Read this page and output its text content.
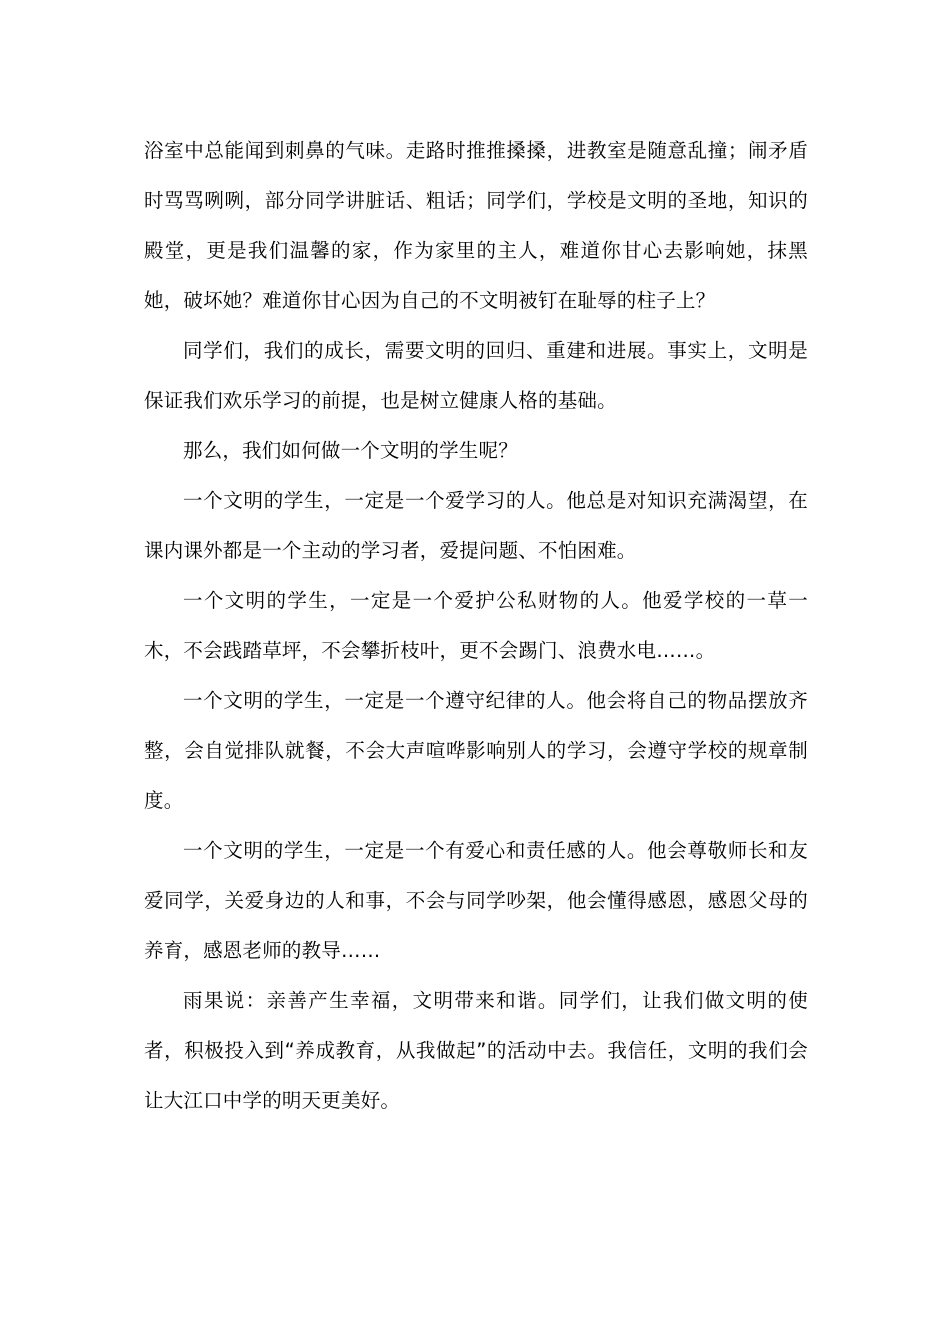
浴室中总能闻到刺鼻的气味。走路时推推搡搡，进教室是随意乱撞；闹矛盾时骂骂咧咧，部分同学讲脏话、粗话；同学们，学校是文明的圣地，知识的殿堂，更是我们温馨的家，作为家里的主人，难道你甘心去影响她，抹黑她，破坏她？难道你甘心因为自己的不文明被钉在耻辱的柱子上？

同学们，我们的成长，需要文明的回归、重建和进展。事实上，文明是保证我们欢乐学习的前提，也是树立健康人格的基础。

那么，我们如何做一个文明的学生呢？

一个文明的学生，一定是一个爱学习的人。他总是对知识充满渴望，在课内课外都是一个主动的学习者，爱提问题、不怕困难。

一个文明的学生，一定是一个爱护公私财物的人。他爱学校的一草一木，不会践踏草坪，不会攀折枝叶，更不会踢门、浪费水电……。

一个文明的学生，一定是一个遵守纪律的人。他会将自己的物品摆放齐整，会自觉排队就餐，不会大声喧哗影响别人的学习，会遵守学校的规章制度。

一个文明的学生，一定是一个有爱心和责任感的人。他会尊敬师长和友爱同学，关爱身边的人和事，不会与同学吵架，他会懂得感恩，感恩父母的养育，感恩老师的教导……

雨果说：亲善产生幸福，文明带来和谐。同学们，让我们做文明的使者，积极投入到“养成教育，从我做起”的活动中去。我信任，文明的我们会让大江口中学的明天更美好。
